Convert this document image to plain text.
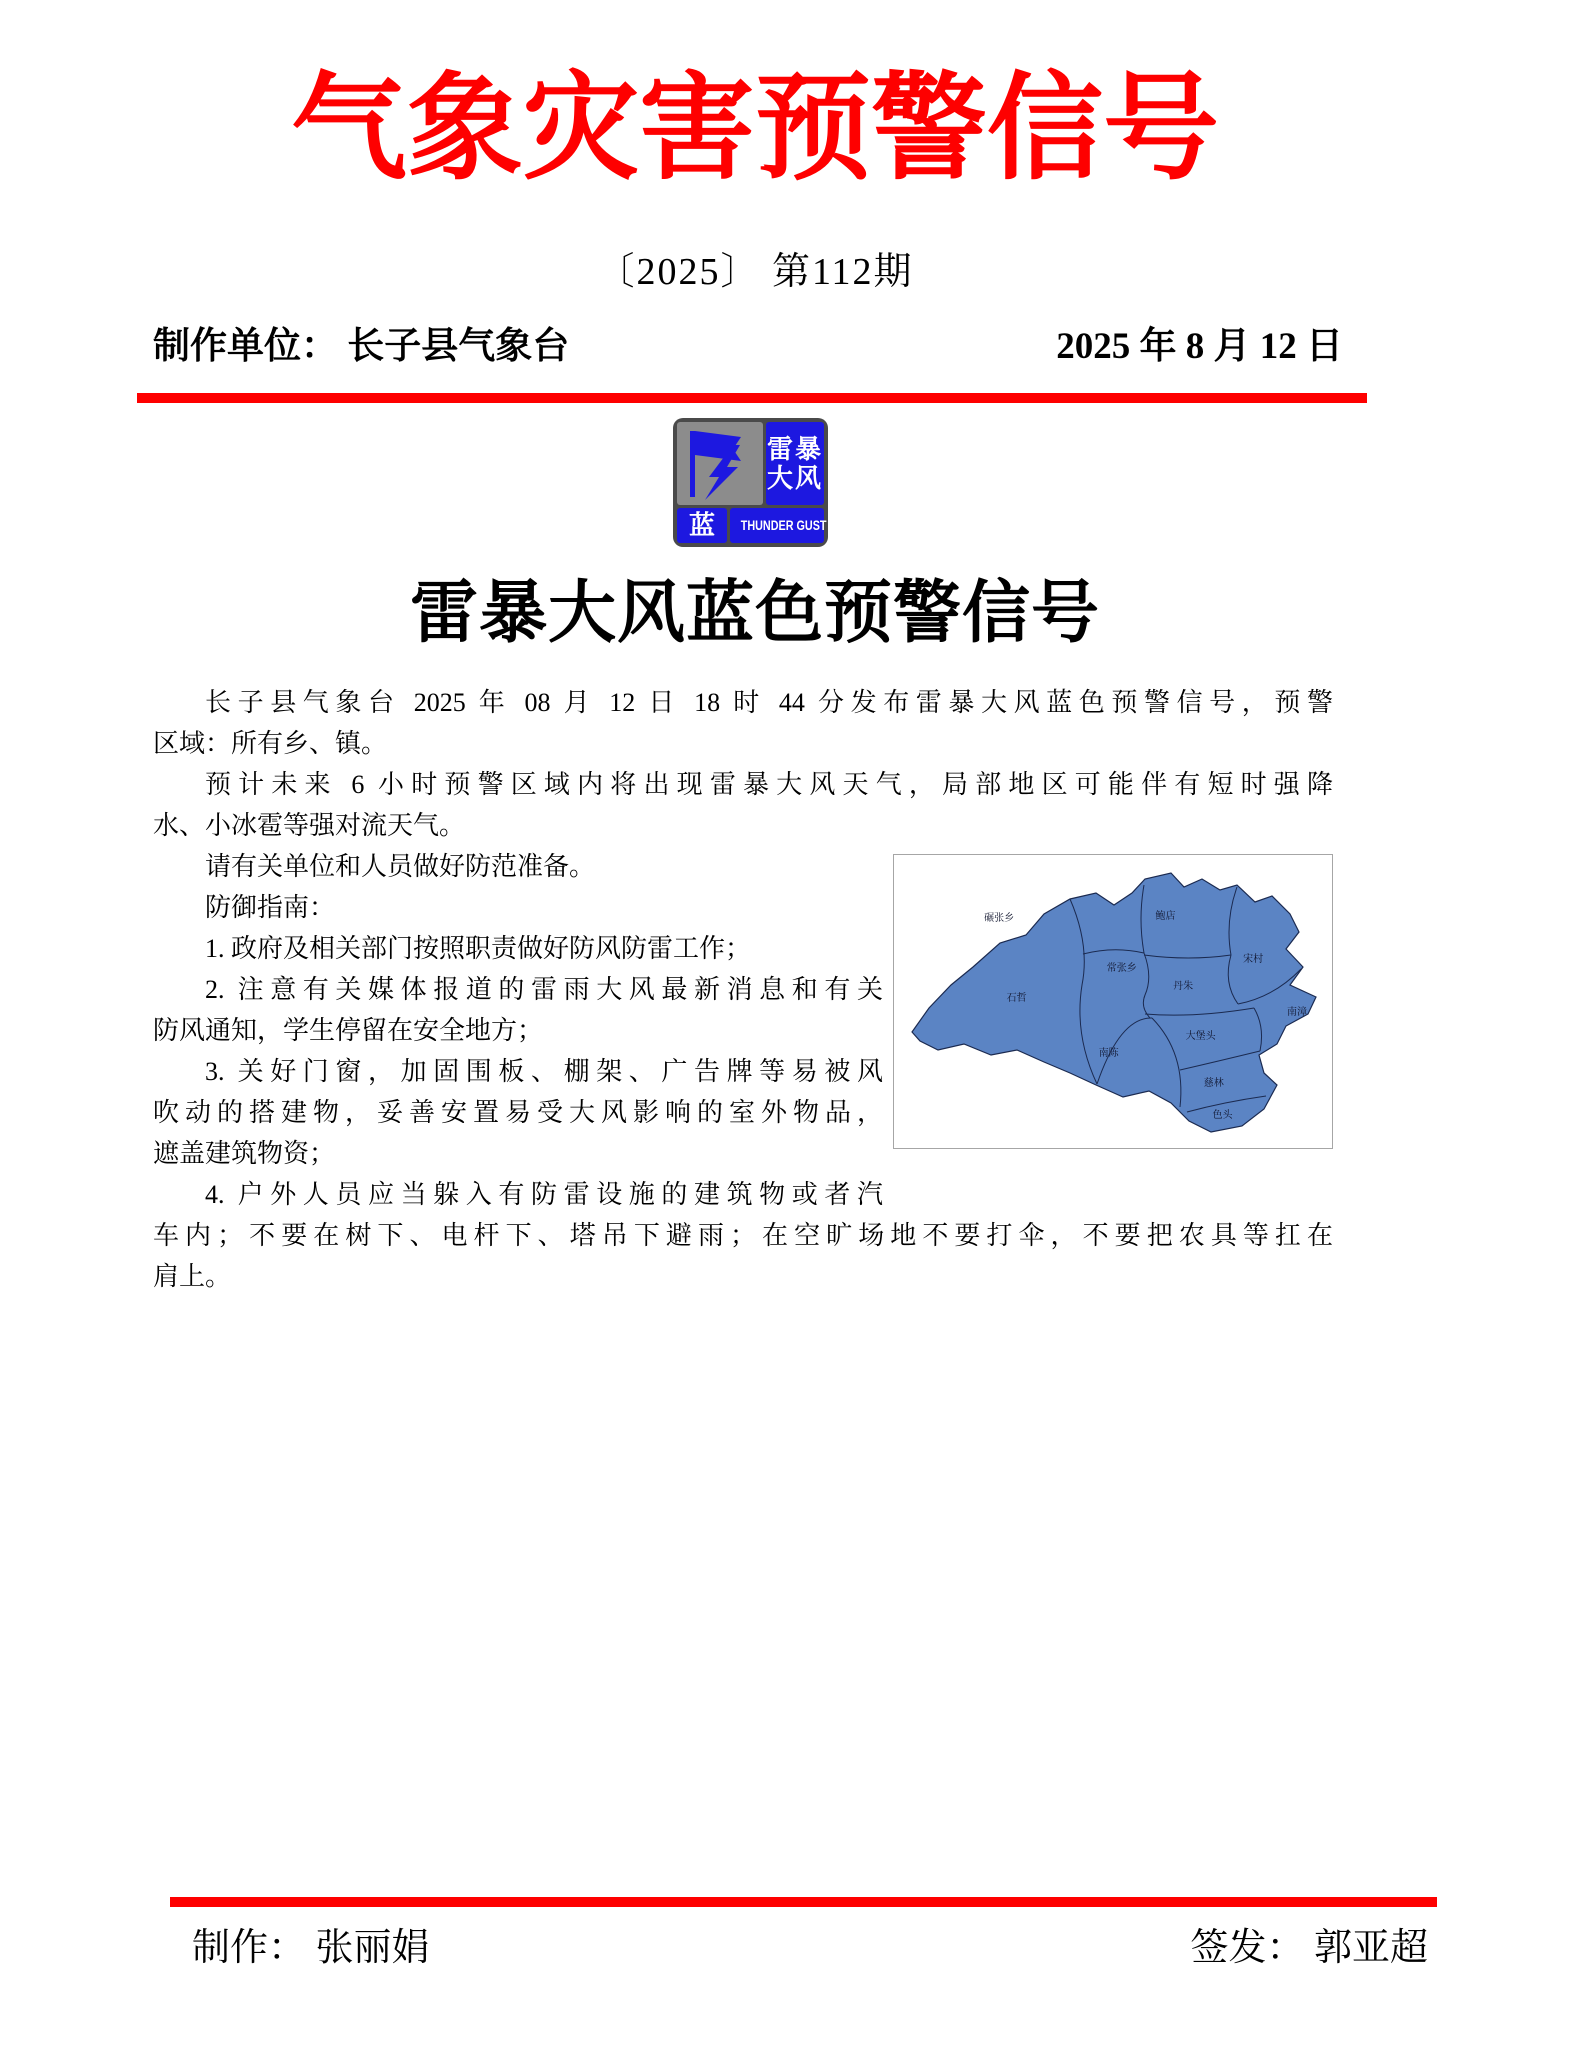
气象灾害预警信号
〔2025〕 第112期
制作单位： 长子县气象台	2025 年 8 月 12 日
雷暴
大风
蓝	THUNDER GUST
雷暴大风蓝色预警信号
长子县气象台 2025 年 08 月 12 日 18 时 44 分发布雷暴大风蓝色预警信号，预警
区域：所有乡、镇。
预计未来 6 小时预警区域内将出现雷暴大风天气，局部地区可能伴有短时强降
水、小冰雹等强对流天气。
碾张乡	鲍店
宋村
常张乡
丹朱
石哲
南漳
大堡头
南陈
慈林
色头
请有关单位和人员做好防范准备。
防御指南：
1. 政府及相关部门按照职责做好防风防雷工作；
2. 注意有关媒体报道的雷雨大风最新消息和有关
防风通知，学生停留在安全地方；
3. 关好门窗，加固围板、棚架、广告牌等易被风
吹动的搭建物，妥善安置易受大风影响的室外物品，
遮盖建筑物资；
4. 户外人员应当躲入有防雷设施的建筑物或者汽
车内；不要在树下、电杆下、塔吊下避雨；在空旷场地不要打伞，不要把农具等扛在
肩上。
制作： 张丽娟	签发： 郭亚超
